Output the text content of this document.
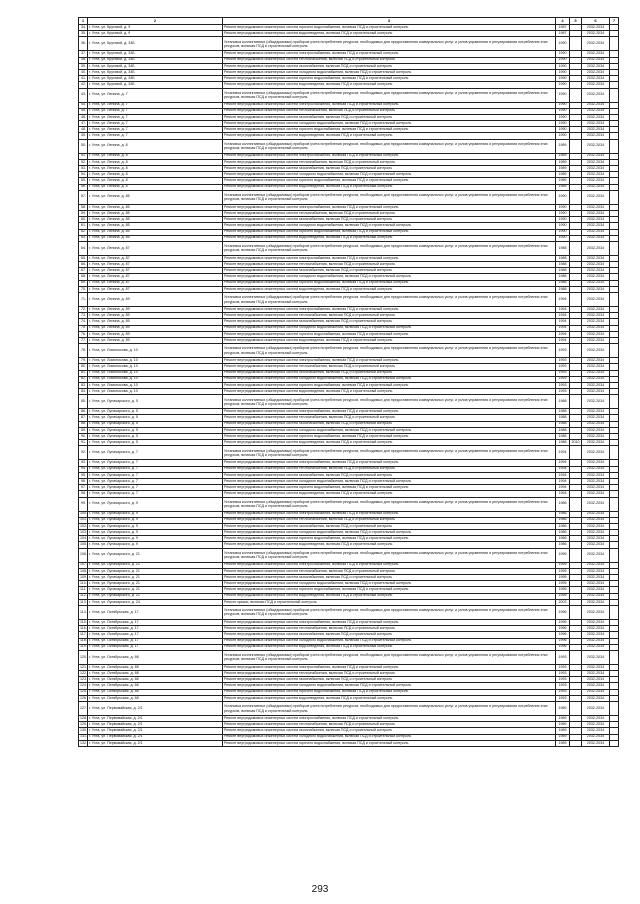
1	2	3	4	5	6	7
34.	г. Ухта, ул. Круговой, д. 9	Ремонт внутридомовых инженерных систем горячего водоснабжения, включая ПСД и строительный контроль	1987		2032-2034	
35.	г. Ухта, ул. Круговой, д. 9	Ремонт внутридомовых инженерных систем водоотведения, включая ПСД и строительный контроль	1987		2032-2034	
36.	г. Ухта, ул. Круговой, д. 34Б	Установка коллективных (общедомовых) приборов учета потребления ресурсов, необходимых для предоставления коммунальных услуг, и узлов управления и регулирования потребления этих ресурсов, включая ПСД и строительный контроль	1990		2032-2034	
37.	г. Ухта, ул. Круговой, д. 34Б	Ремонт внутридомовых инженерных систем электроснабжения, включая ПСД и строительный контроль	1990		2032-2034	
38.	г. Ухта, ул. Круговой, д. 34Б	Ремонт внутридомовых инженерных систем теплоснабжения, включая ПСД и строительный контроль	1990		2032-2034	
39.	г. Ухта, ул. Круговой, д. 34Б	Ремонт внутридомовых инженерных систем газоснабжения, включая ПСД и строительный контроль	1990		2032-2034	
40.	г. Ухта, ул. Круговой, д. 34Б	Ремонт внутридомовых инженерных систем холодного водоснабжения, включая ПСД и строительный контроль	1990		2032-2034	
41.	г. Ухта, ул. Круговой, д. 34Б	Ремонт внутридомовых инженерных систем горячего водоснабжения, включая ПСД и строительный контроль	1990		2032-2034	
42.	г. Ухта, ул. Круговой, д. 34Б	Ремонт внутридомовых инженерных систем водоотведения, включая ПСД и строительный контроль	1990		2032-2034	
43.	г. Ухта, ул. Ленина, д. 7	Установка коллективных (общедомовых) приборов учета потребления ресурсов, необходимых для предоставления коммунальных услуг, и узлов управления и регулирования потребления этих ресурсов, включая ПСД и строительный контроль	1990		2032-2034	
44.	г. Ухта, ул. Ленина, д. 7	Ремонт внутридомовых инженерных систем электроснабжения, включая ПСД и строительный контроль	1990		2032-2034	
45.	г. Ухта, ул. Ленина, д. 7	Ремонт внутридомовых инженерных систем теплоснабжения, включая ПСД и строительный контроль	1990		2032-2034	
46.	г. Ухта, ул. Ленина, д. 7	Ремонт внутридомовых инженерных систем газоснабжения, включая ПСД и строительный контроль	1990		2032-2034	
47.	г. Ухта, ул. Ленина, д. 7	Ремонт внутридомовых инженерных систем холодного водоснабжения, включая ПСД и строительный контроль	1990		2032-2034	
48.	г. Ухта, ул. Ленина, д. 7	Ремонт внутридомовых инженерных систем горячего водоснабжения, включая ПСД и строительный контроль	1990		2032-2034	
49.	г. Ухта, ул. Ленина, д. 7	Ремонт внутридомовых инженерных систем водоотведения, включая ПСД и строительный контроль	1990		2032-2034	
50.	г. Ухта, ул. Ленина, д. 8	Установка коллективных (общедомовых) приборов учета потребления ресурсов, необходимых для предоставления коммунальных услуг, и узлов управления и регулирования потребления этих ресурсов, включая ПСД и строительный контроль	1989		2032-2034	
51.	г. Ухта, ул. Ленина, д. 8	Ремонт внутридомовых инженерных систем электроснабжения, включая ПСД и строительный контроль	1989		2032-2034	
52.	г. Ухта, ул. Ленина, д. 8	Ремонт внутридомовых инженерных систем теплоснабжения, включая ПСД и строительный контроль	1989		2032-2034	
53.	г. Ухта, ул. Ленина, д. 8	Ремонт внутридомовых инженерных систем газоснабжения, включая ПСД и строительный контроль	1989		2032-2034	
54.	г. Ухта, ул. Ленина, д. 8	Ремонт внутридомовых инженерных систем холодного водоснабжения, включая ПСД и строительный контроль	1989		2032-2034	
55.	г. Ухта, ул. Ленина, д. 8	Ремонт внутридомовых инженерных систем горячего водоснабжения, включая ПСД и строительный контроль	1989		2032-2034	
56.	г. Ухта, ул. Ленина, д. 8	Ремонт внутридомовых инженерных систем водоотведения, включая ПСД и строительный контроль	1989		2032-2034	
57.	г. Ухта, ул. Ленина, д. 85	Установка коллективных (общедомовых) приборов учета потребления ресурсов, необходимых для предоставления коммунальных услуг, и узлов управления и регулирования потребления этих ресурсов, включая ПСД и строительный контроль	1990		2032-2034	
58.	г. Ухта, ул. Ленина, д. 85	Ремонт внутридомовых инженерных систем электроснабжения, включая ПСД и строительный контроль	1990		2032-2034	
59.	г. Ухта, ул. Ленина, д. 85	Ремонт внутридомовых инженерных систем теплоснабжения, включая ПСД и строительный контроль	1990		2032-2034	
60.	г. Ухта, ул. Ленина, д. 85	Ремонт внутридомовых инженерных систем газоснабжения, включая ПСД и строительный контроль	1990		2032-2034	
61.	г. Ухта, ул. Ленина, д. 85	Ремонт внутридомовых инженерных систем холодного водоснабжения, включая ПСД и строительный контроль	1990		2032-2034	
62.	г. Ухта, ул. Ленина, д. 85	Ремонт внутридомовых инженерных систем горячего водоснабжения, включая ПСД и строительный контроль	1990		2032-2034	
63.	г. Ухта, ул. Ленина, д. 85	Ремонт внутридомовых инженерных систем водоотведения, включая ПСД и строительный контроль	1990		2032-2034	
64.	г. Ухта, ул. Ленина, д. 87	Установка коллективных (общедомовых) приборов учета потребления ресурсов, необходимых для предоставления коммунальных услуг, и узлов управления и регулирования потребления этих ресурсов, включая ПСД и строительный контроль	1988		2032-2034	
65.	г. Ухта, ул. Ленина, д. 87	Ремонт внутридомовых инженерных систем электроснабжения, включая ПСД и строительный контроль	1988		2032-2034	
66.	г. Ухта, ул. Ленина, д. 87	Ремонт внутридомовых инженерных систем теплоснабжения, включая ПСД и строительный контроль	1988		2032-2034	
67.	г. Ухта, ул. Ленина, д. 87	Ремонт внутридомовых инженерных систем газоснабжения, включая ПСД и строительный контроль	1988		2032-2034	
68.	г. Ухта, ул. Ленина, д. 87	Ремонт внутридомовых инженерных систем холодного водоснабжения, включая ПСД и строительный контроль	1988		2032-2034	
69.	г. Ухта, ул. Ленина, д. 87	Ремонт внутридомовых инженерных систем горячего водоснабжения, включая ПСД и строительный контроль	1988		2032-2034	
70.	г. Ухта, ул. Ленина, д. 87	Ремонт внутридомовых инженерных систем водоотведения, включая ПСД и строительный контроль	1988		2032-2034	
71.	г. Ухта, ул. Ленина, д. 89	Установка коллективных (общедомовых) приборов учета потребления ресурсов, необходимых для предоставления коммунальных услуг, и узлов управления и регулирования потребления этих ресурсов, включая ПСД и строительный контроль	1994		2032-2034	
72.	г. Ухта, ул. Ленина, д. 89	Ремонт внутридомовых инженерных систем электроснабжения, включая ПСД и строительный контроль	1994		2032-2034	
73.	г. Ухта, ул. Ленина, д. 89	Ремонт внутридомовых инженерных систем теплоснабжения, включая ПСД и строительный контроль	1994		2032-2034	
74.	г. Ухта, ул. Ленина, д. 89	Ремонт внутридомовых инженерных систем газоснабжения, включая ПСД и строительный контроль	1994		2032-2034	
75.	г. Ухта, ул. Ленина, д. 89	Ремонт внутридомовых инженерных систем холодного водоснабжения, включая ПСД и строительный контроль	1994		2032-2034	
76.	г. Ухта, ул. Ленина, д. 89	Ремонт внутридомовых инженерных систем горячего водоснабжения, включая ПСД и строительный контроль	1994		2032-2034	
77.	г. Ухта, ул. Ленина, д. 89	Ремонт внутридомовых инженерных систем водоотведения, включая ПСД и строительный контроль	1994		2032-2034	
78.	г. Ухта, ул. Ломоносова, д. 10	Установка коллективных (общедомовых) приборов учета потребления ресурсов, необходимых для предоставления коммунальных услуг, и узлов управления и регулирования потребления этих ресурсов, включая ПСД и строительный контроль	1993		2032-2034	
79.	г. Ухта, ул. Ломоносова, д. 10	Ремонт внутридомовых инженерных систем электроснабжения, включая ПСД и строительный контроль	1993		2032-2034	
80.	г. Ухта, ул. Ломоносова, д. 10	Ремонт внутридомовых инженерных систем теплоснабжения, включая ПСД и строительный контроль	1993		2032-2034	
81.	г. Ухта, ул. Ломоносова, д. 10	Ремонт внутридомовых инженерных систем газоснабжения, включая ПСД и строительный контроль	1993		2032-2034	
82.	г. Ухта, ул. Ломоносова, д. 10	Ремонт внутридомовых инженерных систем холодного водоснабжения, включая ПСД и строительный контроль	1993		2032-2034	
83.	г. Ухта, ул. Ломоносова, д. 10	Ремонт внутридомовых инженерных систем горячего водоснабжения, включая ПСД и строительный контроль	1993		2032-2034	
84.	г. Ухта, ул. Ломоносова, д. 10	Ремонт внутридомовых инженерных систем водоотведения, включая ПСД и строительный контроль	1993		2032-2034	
85.	г. Ухта, ул. Луначарского, д. 5	Установка коллективных (общедомовых) приборов учета потребления ресурсов, необходимых для предоставления коммунальных услуг, и узлов управления и регулирования потребления этих ресурсов, включая ПСД и строительный контроль	1988		2032-2034	
86.	г. Ухта, ул. Луначарского, д. 5	Ремонт внутридомовых инженерных систем электроснабжения, включая ПСД и строительный контроль	1988		2032-2034	
87.	г. Ухта, ул. Луначарского, д. 5	Ремонт внутридомовых инженерных систем теплоснабжения, включая ПСД и строительный контроль	1988		2032-2034	
88.	г. Ухта, ул. Луначарского, д. 5	Ремонт внутридомовых инженерных систем газоснабжения, включая ПСД и строительный контроль	1988		2032-2034	
89.	г. Ухта, ул. Луначарского, д. 5	Ремонт внутридомовых инженерных систем холодного водоснабжения, включая ПСД и строительный контроль	1988		2032-2034	
90.	г. Ухта, ул. Луначарского, д. 5	Ремонт внутридомовых инженерных систем горячего водоснабжения, включая ПСД и строительный контроль	1988		2032-2034	
91.	г. Ухта, ул. Луначарского, д. 5	Ремонт внутридомовых инженерных систем водоотведения, включая ПСД и строительный контроль	1988	2010	2032-2034	
92.	г. Ухта, ул. Луначарского, д. 7	Установка коллективных (общедомовых) приборов учета потребления ресурсов, необходимых для предоставления коммунальных услуг, и узлов управления и регулирования потребления этих ресурсов, включая ПСД и строительный контроль	1994		2032-2034	
93.	г. Ухта, ул. Луначарского, д. 7	Ремонт внутридомовых инженерных систем электроснабжения, включая ПСД и строительный контроль	1994		2032-2034	
94.	г. Ухта, ул. Луначарского, д. 7	Ремонт внутридомовых инженерных систем теплоснабжения, включая ПСД и строительный контроль	1994		2032-2034	
95.	г. Ухта, ул. Луначарского, д. 7	Ремонт внутридомовых инженерных систем газоснабжения, включая ПСД и строительный контроль	1994		2032-2034	
96.	г. Ухта, ул. Луначарского, д. 7	Ремонт внутридомовых инженерных систем холодного водоснабжения, включая ПСД и строительный контроль	1994		2032-2034	
97.	г. Ухта, ул. Луначарского, д. 7	Ремонт внутридомовых инженерных систем горячего водоснабжения, включая ПСД и строительный контроль	1994		2032-2034	
98.	г. Ухта, ул. Луначарского, д. 7	Ремонт внутридомовых инженерных систем водоотведения, включая ПСД и строительный контроль	1994		2032-2034	
99.	г. Ухта, ул. Луначарского, д. 9	Установка коллективных (общедомовых) приборов учета потребления ресурсов, необходимых для предоставления коммунальных услуг, и узлов управления и регулирования потребления этих ресурсов, включая ПСД и строительный контроль	1986		2032-2034	
100.	г. Ухта, ул. Луначарского, д. 9	Ремонт внутридомовых инженерных систем электроснабжения, включая ПСД и строительный контроль	1986		2032-2034	
101.	г. Ухта, ул. Луначарского, д. 9	Ремонт внутридомовых инженерных систем теплоснабжения, включая ПСД и строительный контроль	1986		2032-2034	
102.	г. Ухта, ул. Луначарского, д. 9	Ремонт внутридомовых инженерных систем газоснабжения, включая ПСД и строительный контроль	1986		2032-2034	
103.	г. Ухта, ул. Луначарского, д. 9	Ремонт внутридомовых инженерных систем холодного водоснабжения, включая ПСД и строительный контроль	1986		2032-2034	
104.	г. Ухта, ул. Луначарского, д. 9	Ремонт внутридомовых инженерных систем горячего водоснабжения, включая ПСД и строительный контроль	1986		2032-2034	
105.	г. Ухта, ул. Луначарского, д. 9	Ремонт внутридомовых инженерных систем водоотведения, включая ПСД и строительный контроль	1986		2032-2034	
106.	г. Ухта, ул. Луначарского, д. 21	Установка коллективных (общедомовых) приборов учета потребления ресурсов, необходимых для предоставления коммунальных услуг, и узлов управления и регулирования потребления этих ресурсов, включая ПСД и строительный контроль	1995		2032-2034	
107.	г. Ухта, ул. Луначарского, д. 21	Ремонт внутридомовых инженерных систем электроснабжения, включая ПСД и строительный контроль	1995		2032-2034	
108.	г. Ухта, ул. Луначарского, д. 21	Ремонт внутридомовых инженерных систем теплоснабжения, включая ПСД и строительный контроль	1995		2032-2034	
109.	г. Ухта, ул. Луначарского, д. 21	Ремонт внутридомовых инженерных систем газоснабжения, включая ПСД и строительный контроль	1995		2032-2034	
110.	г. Ухта, ул. Луначарского, д. 21	Ремонт внутридомовых инженерных систем холодного водоснабжения, включая ПСД и строительный контроль	1995		2032-2034	
111.	г. Ухта, ул. Луначарского, д. 21	Ремонт внутридомовых инженерных систем горячего водоснабжения, включая ПСД и строительный контроль	1995		2032-2034	
112.	г. Ухта, ул. Луначарского, д. 21	Ремонт внутридомовых инженерных систем водоотведения, включая ПСД и строительный контроль	1995		2032-2034	
113.	г. Ухта, ул. Луначарского, д. 24	Ремонт крыши, включая ПСД и строительный контроль	2003		2032-2034	
114.	г. Ухта, ул. Октябрьская, д. 17	Установка коллективных (общедомовых) приборов учета потребления ресурсов, необходимых для предоставления коммунальных услуг, и узлов управления и регулирования потребления этих ресурсов, включая ПСД и строительный контроль	1996		2032-2034	
115.	г. Ухта, ул. Октябрьская, д. 17	Ремонт внутридомовых инженерных систем электроснабжения, включая ПСД и строительный контроль	1996		2032-2034	
116.	г. Ухта, ул. Октябрьская, д. 17	Ремонт внутридомовых инженерных систем теплоснабжения, включая ПСД и строительный контроль	1996		2032-2034	
117.	г. Ухта, ул. Октябрьская, д. 17	Ремонт внутридомовых инженерных систем газоснабжения, включая ПСД и строительный контроль	1996		2032-2034	
118.	г. Ухта, ул. Октябрьская, д. 17	Ремонт внутридомовых инженерных систем холодного водоснабжения, включая ПСД и строительный контроль	1996		2032-2034	
119.	г. Ухта, ул. Октябрьская, д. 17	Ремонт внутридомовых инженерных систем водоотведения, включая ПСД и строительный контроль	1996		2032-2034	
120.	г. Ухта, ул. Октябрьская, д. 68	Установка коллективных (общедомовых) приборов учета потребления ресурсов, необходимых для предоставления коммунальных услуг, и узлов управления и регулирования потребления этих ресурсов, включая ПСД и строительный контроль	1993		2032-2034	
121.	г. Ухта, ул. Октябрьская, д. 68	Ремонт внутридомовых инженерных систем электроснабжения, включая ПСД и строительный контроль	1993		2032-2034	
122.	г. Ухта, ул. Октябрьская, д. 68	Ремонт внутридомовых инженерных систем теплоснабжения, включая ПСД и строительный контроль	1993		2032-2034	
123.	г. Ухта, ул. Октябрьская, д. 68	Ремонт внутридомовых инженерных систем газоснабжения, включая ПСД и строительный контроль	1993		2032-2034	
124.	г. Ухта, ул. Октябрьская, д. 68	Ремонт внутридомовых инженерных систем холодного водоснабжения, включая ПСД и строительный контроль	1993		2032-2034	
125.	г. Ухта, ул. Октябрьская, д. 68	Ремонт внутридомовых инженерных систем горячего водоснабжения, включая ПСД и строительный контроль	1993		2032-2034	
126.	г. Ухта, ул. Октябрьская, д. 68	Ремонт внутридомовых инженерных систем водоотведения, включая ПСД и строительный контроль	1993		2032-2034	
127.	г. Ухта, ул. Первомайская, д. 2/1	Установка коллективных (общедомовых) приборов учета потребления ресурсов, необходимых для предоставления коммунальных услуг, и узлов управления и регулирования потребления этих ресурсов, включая ПСД и строительный контроль	1989		2032-2034	
128.	г. Ухта, ул. Первомайская, д. 2/1	Ремонт внутридомовых инженерных систем электроснабжения, включая ПСД и строительный контроль	1989		2032-2034	
129.	г. Ухта, ул. Первомайская, д. 2/1	Ремонт внутридомовых инженерных систем теплоснабжения, включая ПСД и строительный контроль	1989		2032-2034	
130.	г. Ухта, ул. Первомайская, д. 2/1	Ремонт внутридомовых инженерных систем газоснабжения, включая ПСД и строительный контроль	1989		2032-2034	
131.	г. Ухта, ул. Первомайская, д. 2/1	Ремонт внутридомовых инженерных систем холодного водоснабжения, включая ПСД и строительный контроль	1989		2032-2034	
132.	г. Ухта, ул. Первомайская, д. 2/1	Ремонт внутридомовых инженерных систем горячего водоснабжения, включая ПСД и строительный контроль	1989		2032-2034	
293
